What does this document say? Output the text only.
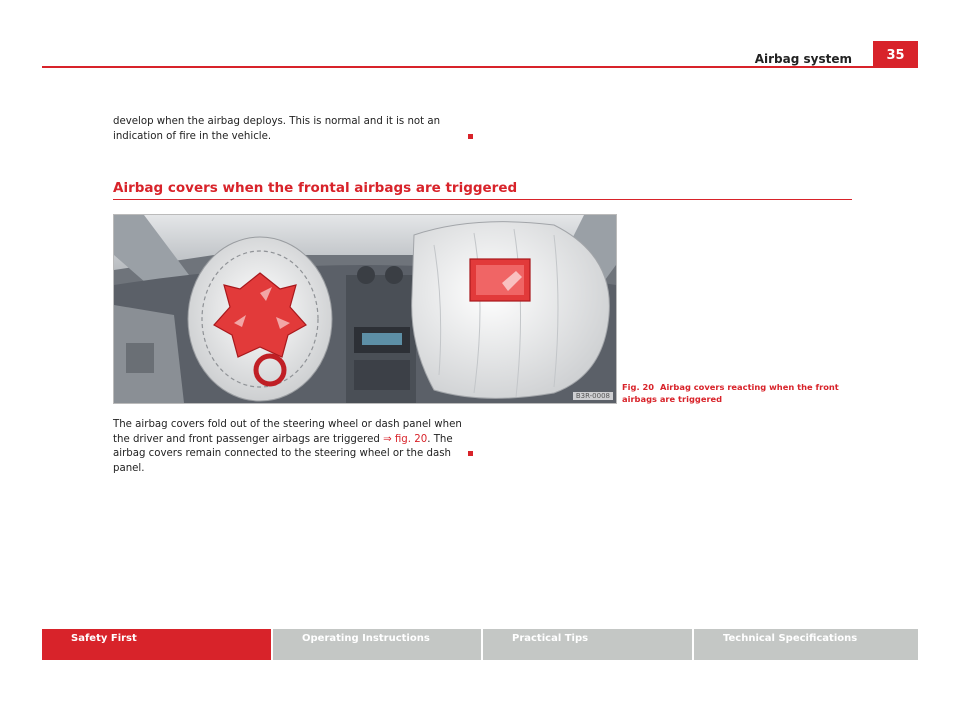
Airbag system	35
develop when the airbag deploys. This is normal and it is not an indication of fire in the vehicle.
Airbag covers when the frontal airbags are triggered
B3R-0008
Fig. 20 Airbag covers reacting when the front airbags are triggered
The airbag covers fold out of the steering wheel or dash panel when the driver and front passenger airbags are triggered ⇒ fig. 20. The airbag covers remain connected to the steering wheel or the dash panel.
Safety First	Operating Instructions	Practical Tips	Technical Specifications
